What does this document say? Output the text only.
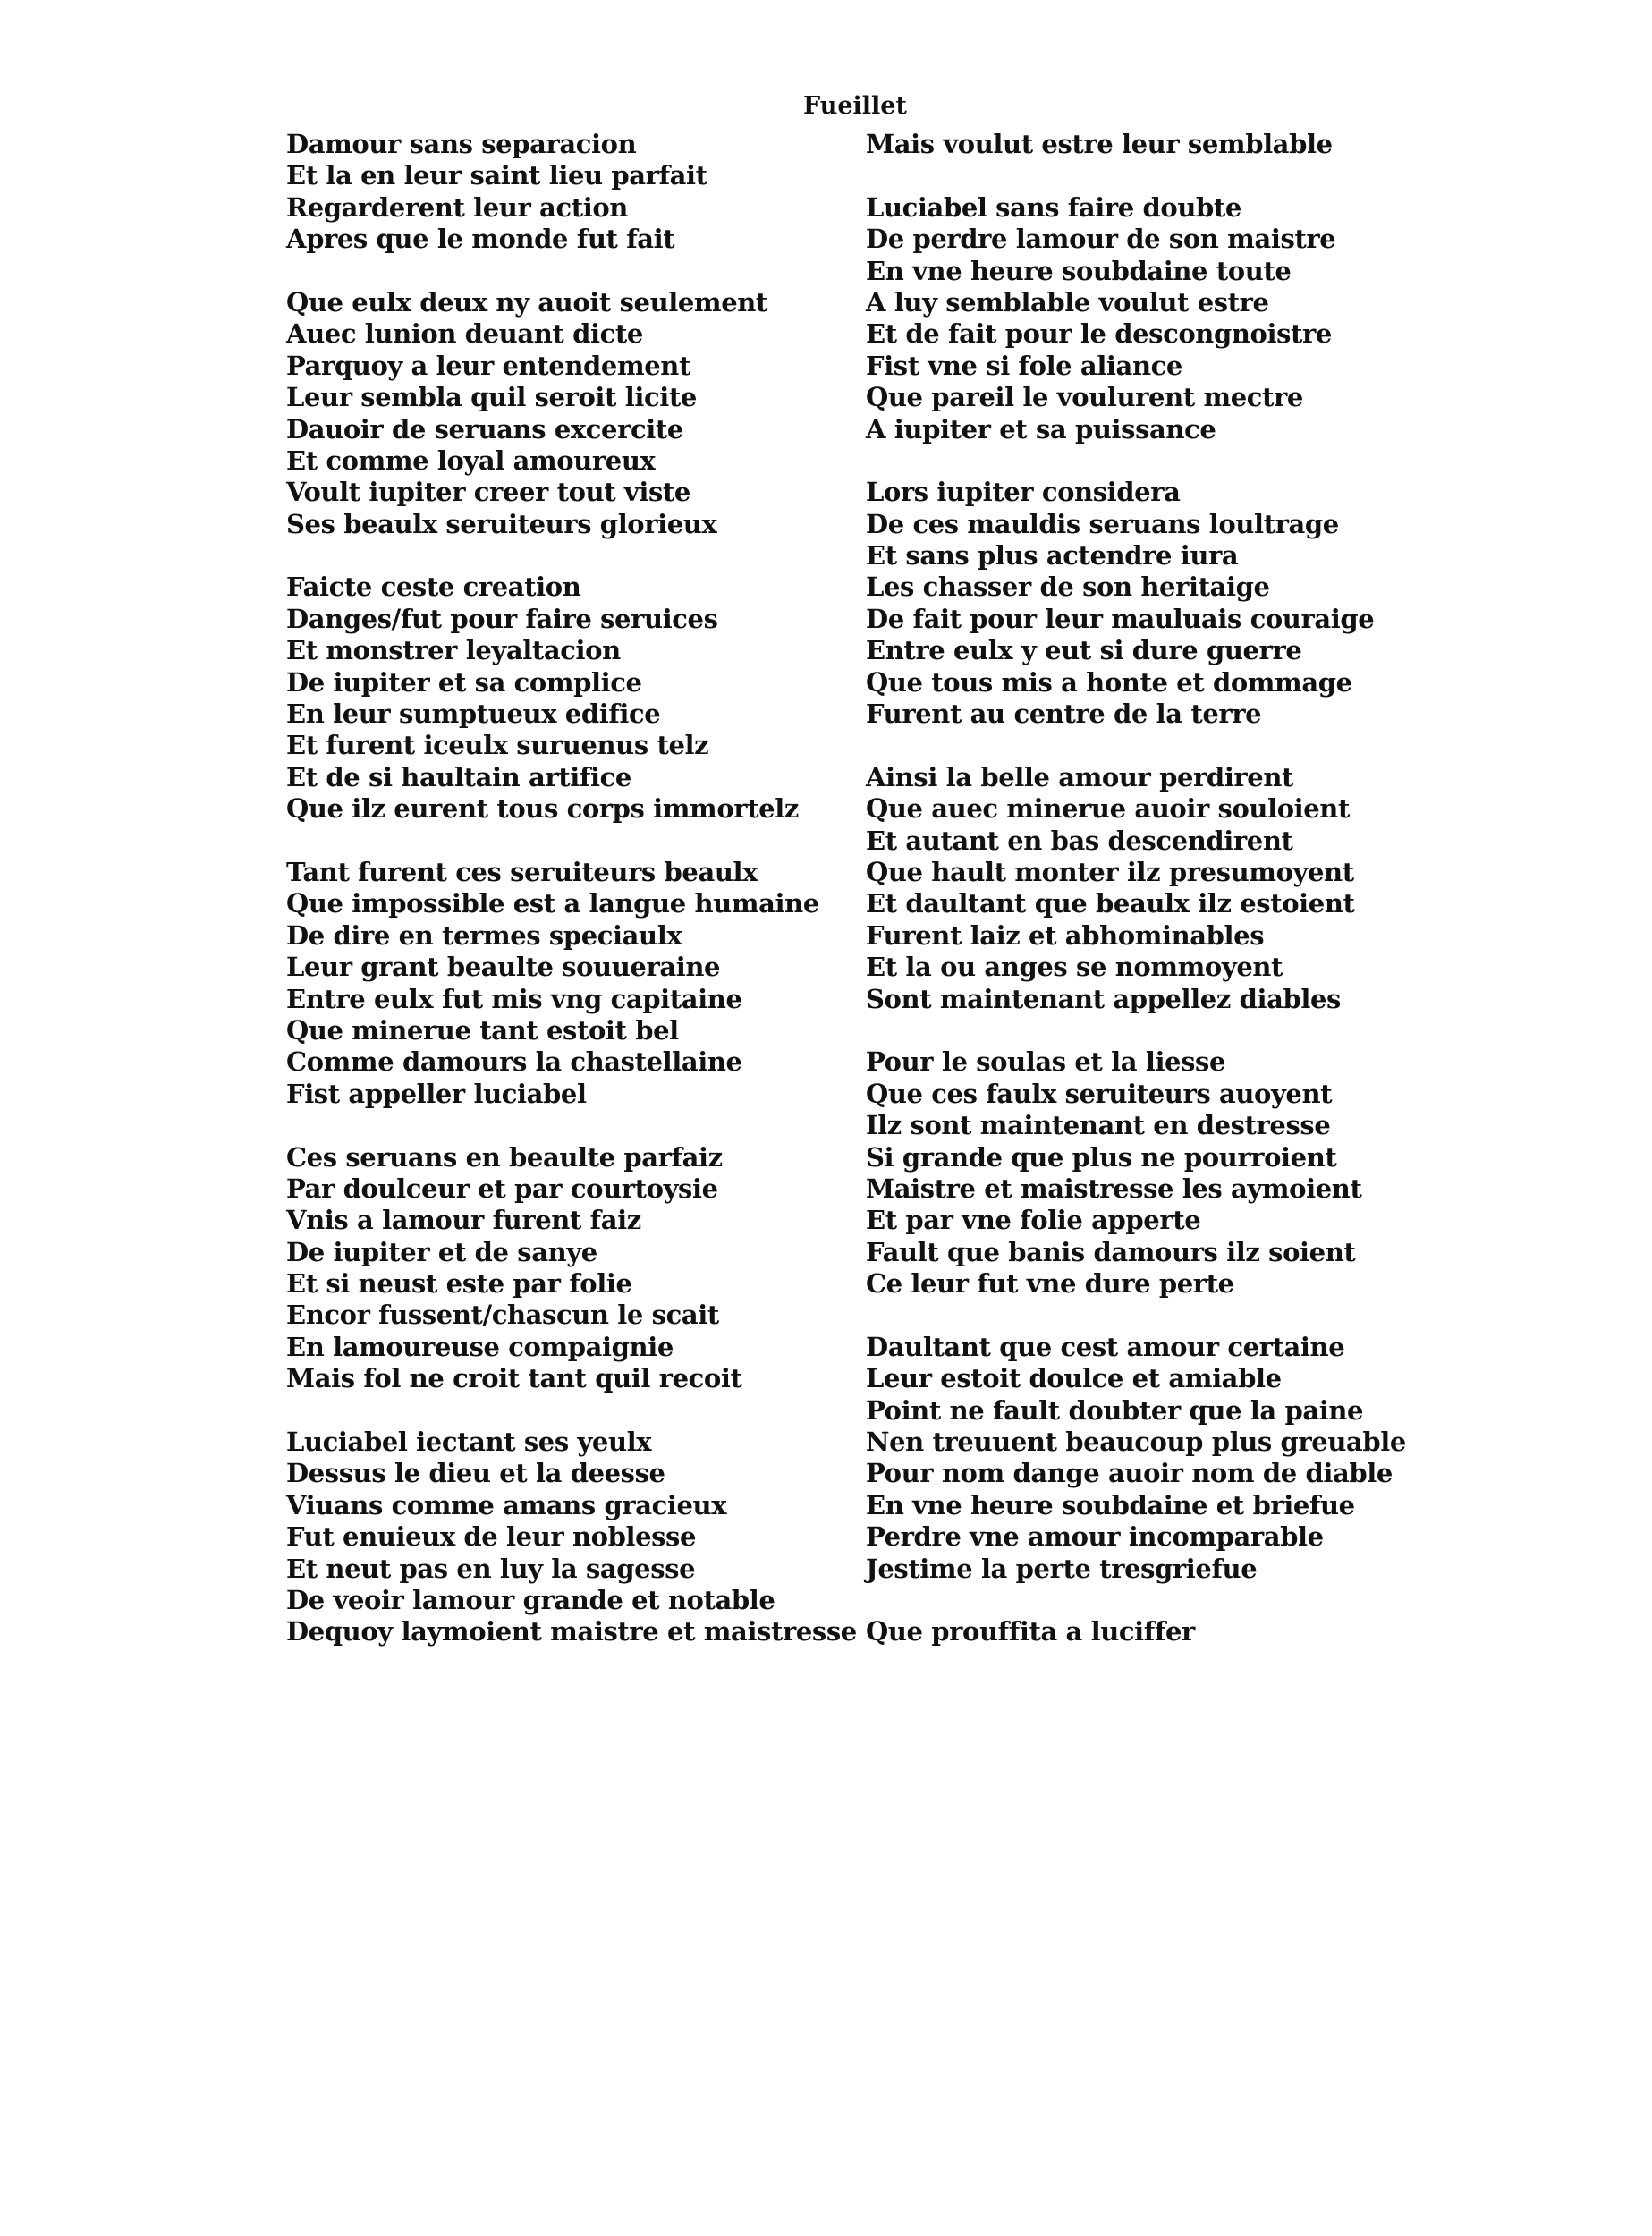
Fueillet
Damour sans separacion
Et la en leur saint lieu parfait
Regarderent leur action
Apres que le monde fut fait
Que eulx deux ny auoit seulement
Auec lunion deuant dicte
Parquoy a leur entendement
Leur sembla quil seroit licite
Dauoir de seruans excercite
Et comme loyal amoureux
Voult iupiter creer tout viste
Ses beaulx seruiteurs glorieux
Faicte ceste creation
Danges/fut pour faire seruices
Et monstrer leyaltacion
De iupiter et sa complice
En leur sumptueux edifice
Et furent iceulx suruenus telz
Et de si haultain artifice
Que ilz eurent tous corps immortelz
Tant furent ces seruiteurs beaulx
Que impossible est a langue humaine
De dire en termes speciaulx
Leur grant beaulte souueraine
Entre eulx fut mis vng capitaine
Que minerue tant estoit bel
Comme damours la chastellaine
Fist appeller luciabel
Ces seruans en beaulte parfaiz
Par doulceur et par courtoysie
Vnis a lamour furent faiz
De iupiter et de sanye
Et si neust este par folie
Encor fussent/chascun le scait
En lamoureuse compaignie
Mais fol ne croit tant quil recoit
Luciabel iectant ses yeulx
Dessus le dieu et la deesse
Viuans comme amans gracieux
Fut enuieux de leur noblesse
Et neut pas en luy la sagesse
De veoir lamour grande et notable
Dequoy laymoient maistre et maistresse
Mais voulut estre leur semblable
Luciabel sans faire doubte
De perdre lamour de son maistre
En vne heure soubdaine toute
A luy semblable voulut estre
Et de fait pour le descongnoistre
Fist vne si fole aliance
Que pareil le voulurent mectre
A iupiter et sa puissance
Lors iupiter considera
De ces mauldis seruans loultrage
Et sans plus actendre iura
Les chasser de son heritaige
De fait pour leur mauluais couraige
Entre eulx y eut si dure guerre
Que tous mis a honte et dommage
Furent au centre de la terre
Ainsi la belle amour perdirent
Que auec minerue auoir souloient
Et autant en bas descendirent
Que hault monter ilz presumoyent
Et daultant que beaulx ilz estoient
Furent laiz et abhominables
Et la ou anges se nommoyent
Sont maintenant appellez diables
Pour le soulas et la liesse
Que ces faulx seruiteurs auoyent
Ilz sont maintenant en destresse
Si grande que plus ne pourroient
Maistre et maistresse les aymoient
Et par vne folie apperte
Fault que banis damours ilz soient
Ce leur fut vne dure perte
Daultant que cest amour certaine
Leur estoit doulce et amiable
Point ne fault doubter que la paine
Nen treuuent beaucoup plus greuable
Pour nom dange auoir nom de diable
En vne heure soubdaine et briefue
Perdre vne amour incomparable
Jestime la perte tresgriefue
Que prouffita a luciffer
